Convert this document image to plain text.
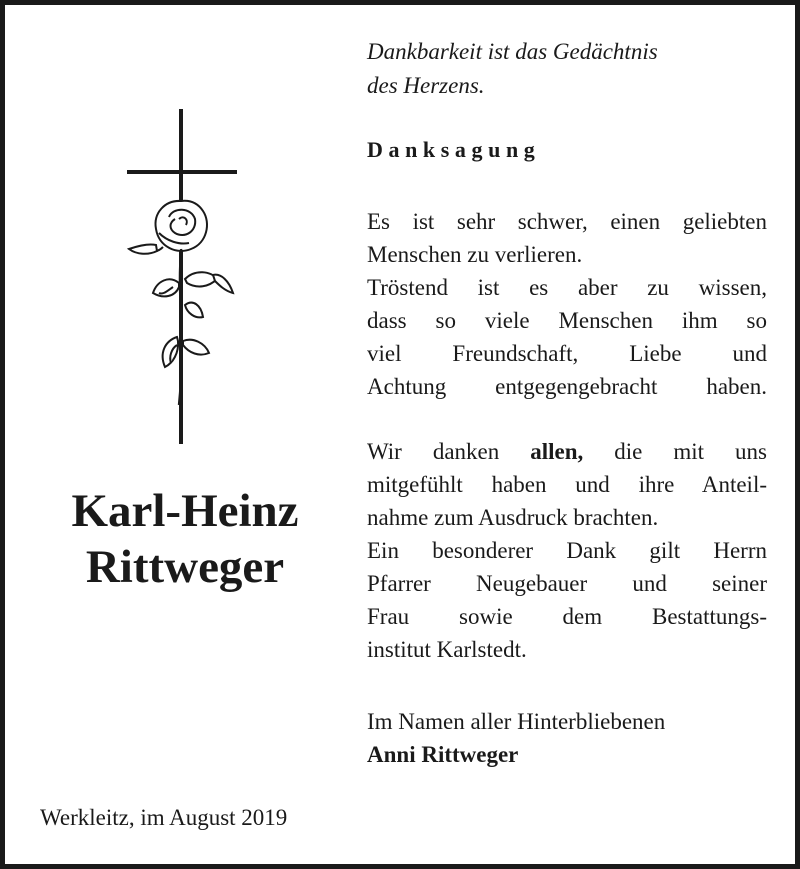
Dankbarkeit ist das Gedächtnis
des Herzens.
Danksagung
Es ist sehr schwer, einen geliebten
Menschen zu verlieren.
Tröstend ist es aber zu wissen,
dass so viele Menschen ihm so
viel Freundschaft, Liebe und
Achtung entgegengebracht haben.
Wir danken allen, die mit uns
mitgefühlt haben und ihre Anteil-
nahme zum Ausdruck brachten.
Ein besonderer Dank gilt Herrn
Pfarrer Neugebauer und seiner
Frau sowie dem Bestattungs-
institut Karlstedt.
Im Namen aller Hinterbliebenen
Anni Rittweger
Karl-Heinz
Rittweger
Werkleitz, im August 2019
